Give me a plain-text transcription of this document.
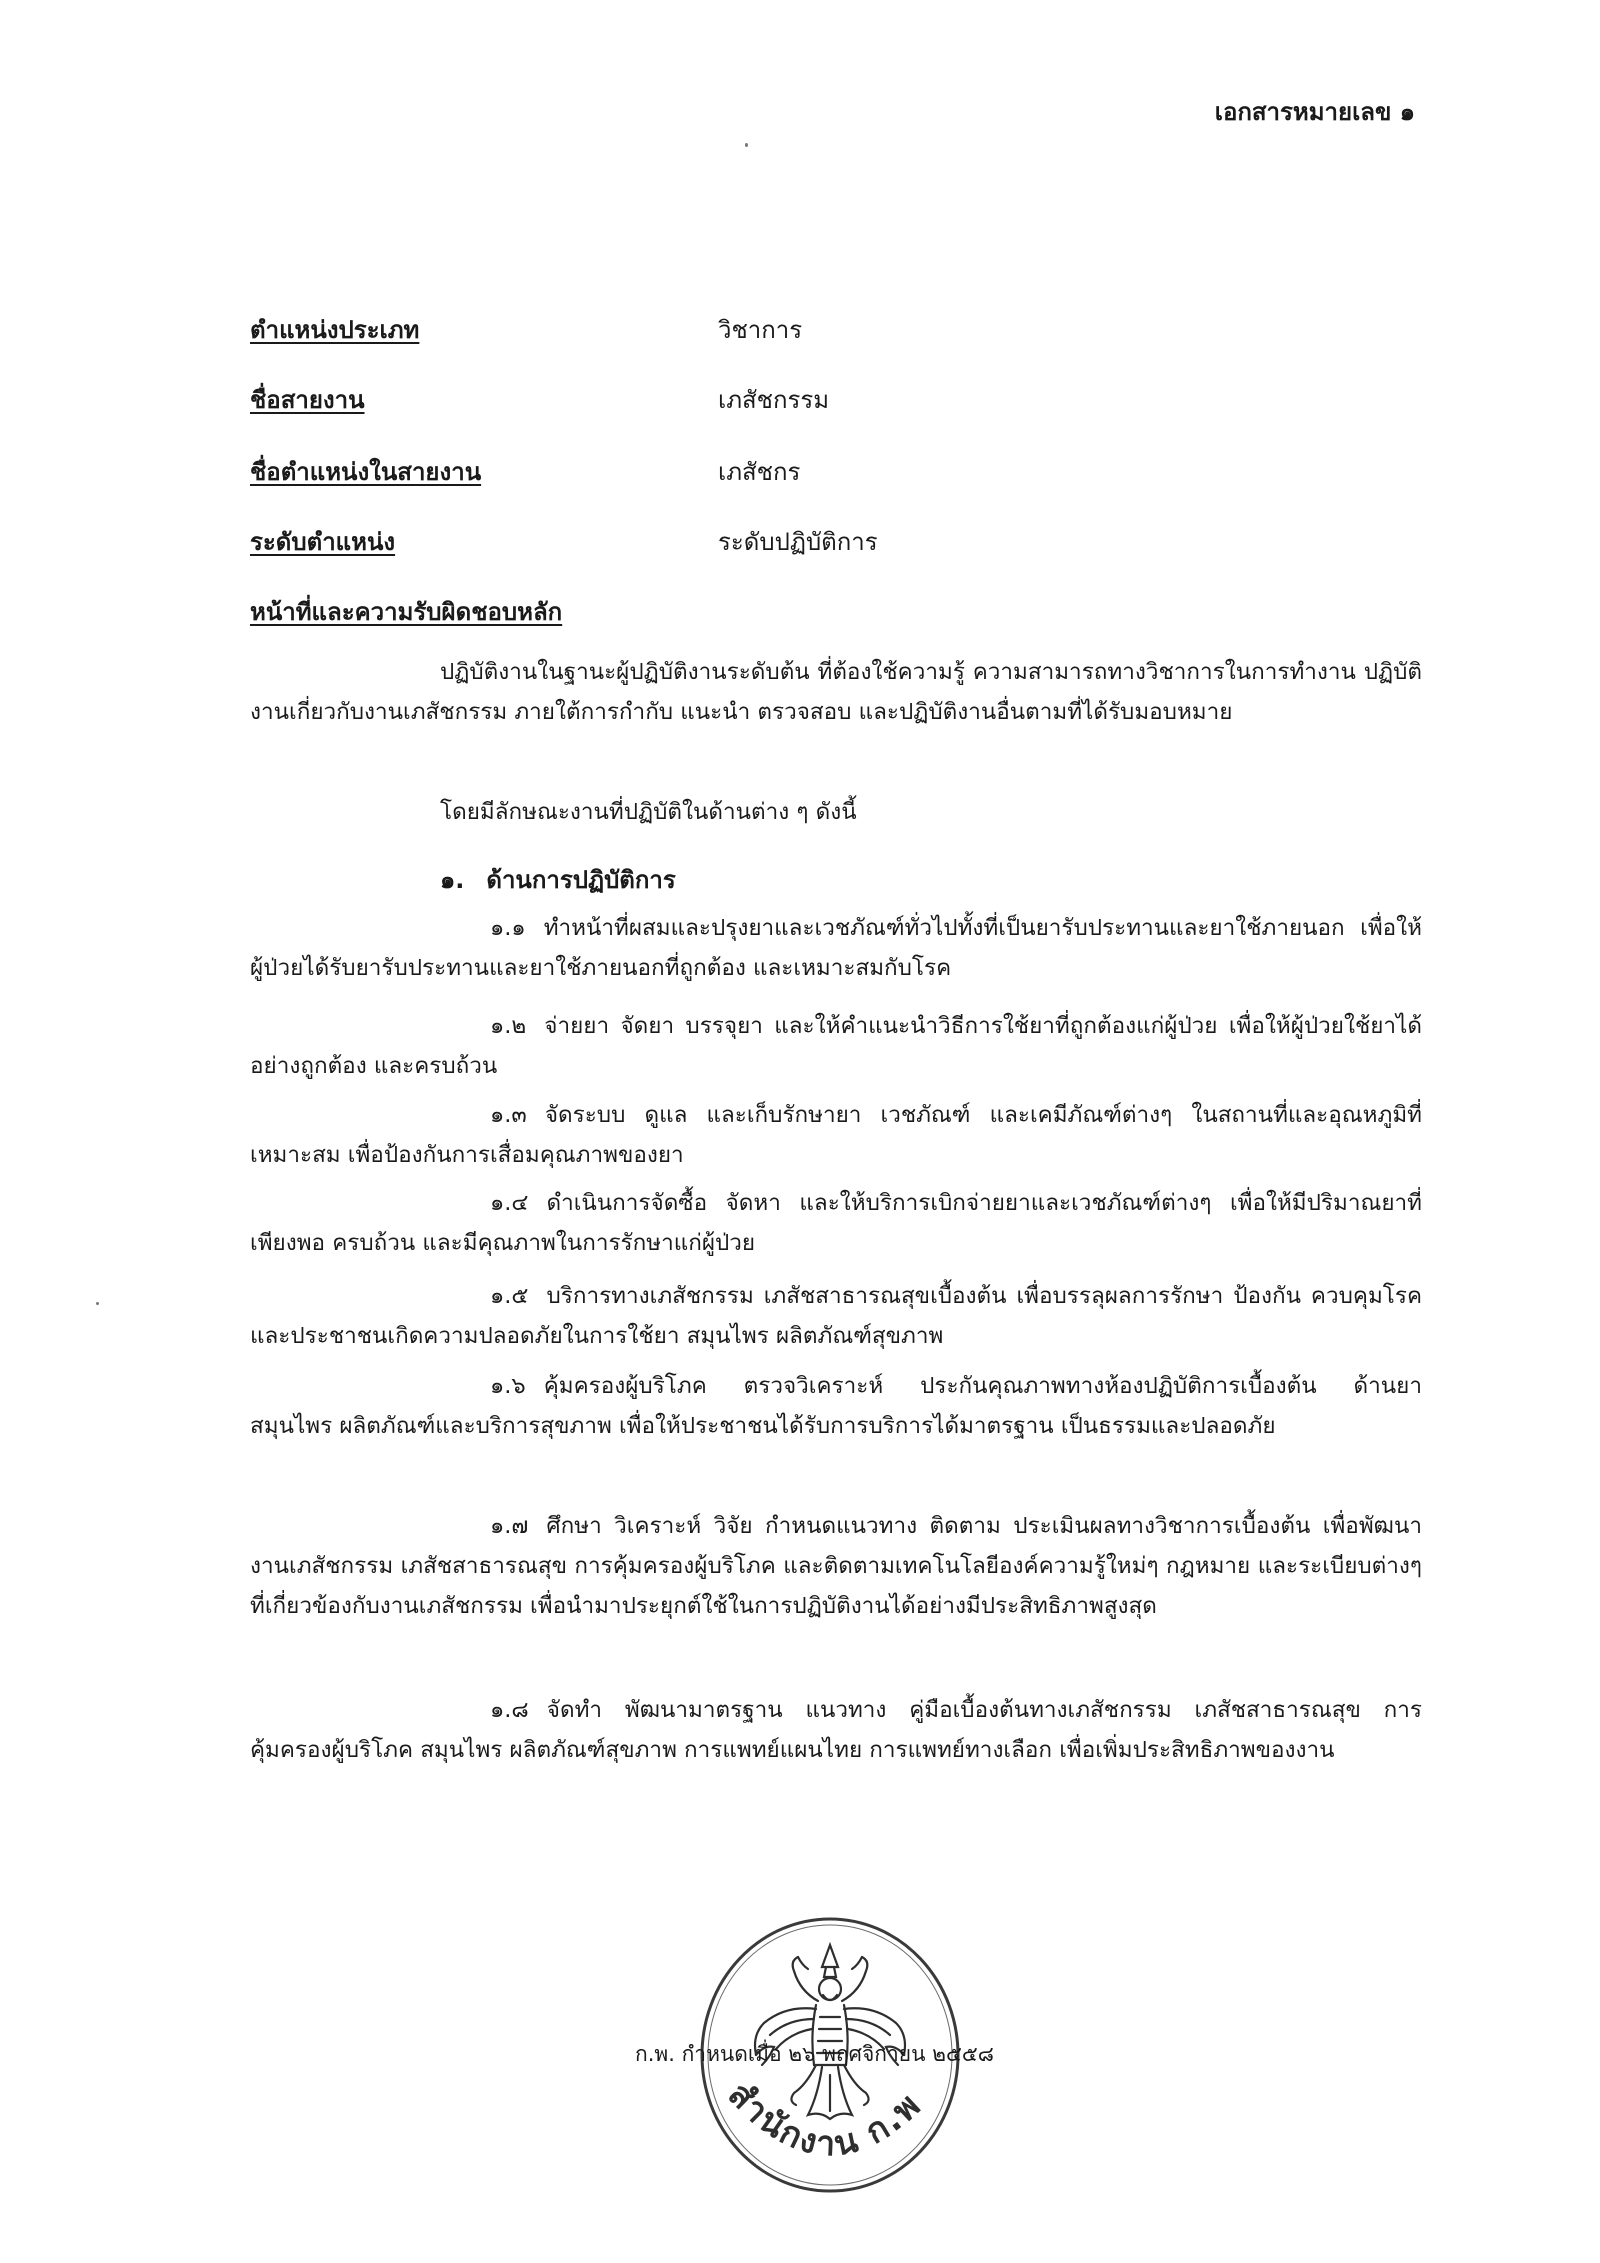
เอกสารหมายเลข ๑
ตำแหน่งประเภท	วิชาการ
ชื่อสายงาน	เภสัชกรรม
ชื่อตำแหน่งในสายงาน	เภสัชกร
ระดับตำแหน่ง	ระดับปฏิบัติการ
หน้าที่และความรับผิดชอบหลัก

ปฏิบัติงานในฐานะผู้ปฏิบัติงานระดับต้น ที่ต้องใช้ความรู้ ความสามารถทางวิชาการในการทำงาน ปฏิบัติงานเกี่ยวกับงานเภสัชกรรม ภายใต้การกำกับ แนะนำ ตรวจสอบ และปฏิบัติงานอื่นตามที่ได้รับมอบหมาย

โดยมีลักษณะงานที่ปฏิบัติในด้านต่าง ๆ ดังนี้

๑. ด้านการปฏิบัติการ

๑.๑ ทำหน้าที่ผสมและปรุงยาและเวชภัณฑ์ทั่วไปทั้งที่เป็นยารับประทานและยาใช้ภายนอก เพื่อให้ผู้ป่วยได้รับยารับประทานและยาใช้ภายนอกที่ถูกต้อง และเหมาะสมกับโรค

๑.๒ จ่ายยา จัดยา บรรจุยา และให้คำแนะนำวิธีการใช้ยาที่ถูกต้องแก่ผู้ป่วย เพื่อให้ผู้ป่วยใช้ยาได้อย่างถูกต้อง และครบถ้วน

๑.๓ จัดระบบ ดูแล และเก็บรักษายา เวชภัณฑ์ และเคมีภัณฑ์ต่างๆ ในสถานที่และอุณหภูมิที่เหมาะสม เพื่อป้องกันการเสื่อมคุณภาพของยา

๑.๔ ดำเนินการจัดซื้อ จัดหา และให้บริการเบิกจ่ายยาและเวชภัณฑ์ต่างๆ เพื่อให้มีปริมาณยาที่เพียงพอ ครบถ้วน และมีคุณภาพในการรักษาแก่ผู้ป่วย

๑.๕ บริการทางเภสัชกรรม เภสัชสาธารณสุขเบื้องต้น เพื่อบรรลุผลการรักษา ป้องกัน ควบคุมโรค และประชาชนเกิดความปลอดภัยในการใช้ยา สมุนไพร ผลิตภัณฑ์สุขภาพ

๑.๖ คุ้มครองผู้บริโภค ตรวจวิเคราะห์ ประกันคุณภาพทางห้องปฏิบัติการเบื้องต้น ด้านยา สมุนไพร ผลิตภัณฑ์และบริการสุขภาพ เพื่อให้ประชาชนได้รับการบริการได้มาตรฐาน เป็นธรรมและปลอดภัย

๑.๗ ศึกษา วิเคราะห์ วิจัย กำหนดแนวทาง ติดตาม ประเมินผลทางวิชาการเบื้องต้น เพื่อพัฒนางานเภสัชกรรม เภสัชสาธารณสุข การคุ้มครองผู้บริโภค และติดตามเทคโนโลยีองค์ความรู้ใหม่ๆ กฎหมาย และระเบียบต่างๆ ที่เกี่ยวข้องกับงานเภสัชกรรม เพื่อนำมาประยุกต์ใช้ในการปฏิบัติงานได้อย่างมีประสิทธิภาพสูงสุด

๑.๘ จัดทำ พัฒนามาตรฐาน แนวทาง คู่มือเบื้องต้นทางเภสัชกรรม เภสัชสาธารณสุข การคุ้มครองผู้บริโภค สมุนไพร ผลิตภัณฑ์สุขภาพ การแพทย์แผนไทย การแพทย์ทางเลือก เพื่อเพิ่มประสิทธิภาพของงาน

สำนักงาน ก.พ
ก.พ. กำหนดเมื่อ ๒๖ พฤศจิกายน ๒๕๕๘
